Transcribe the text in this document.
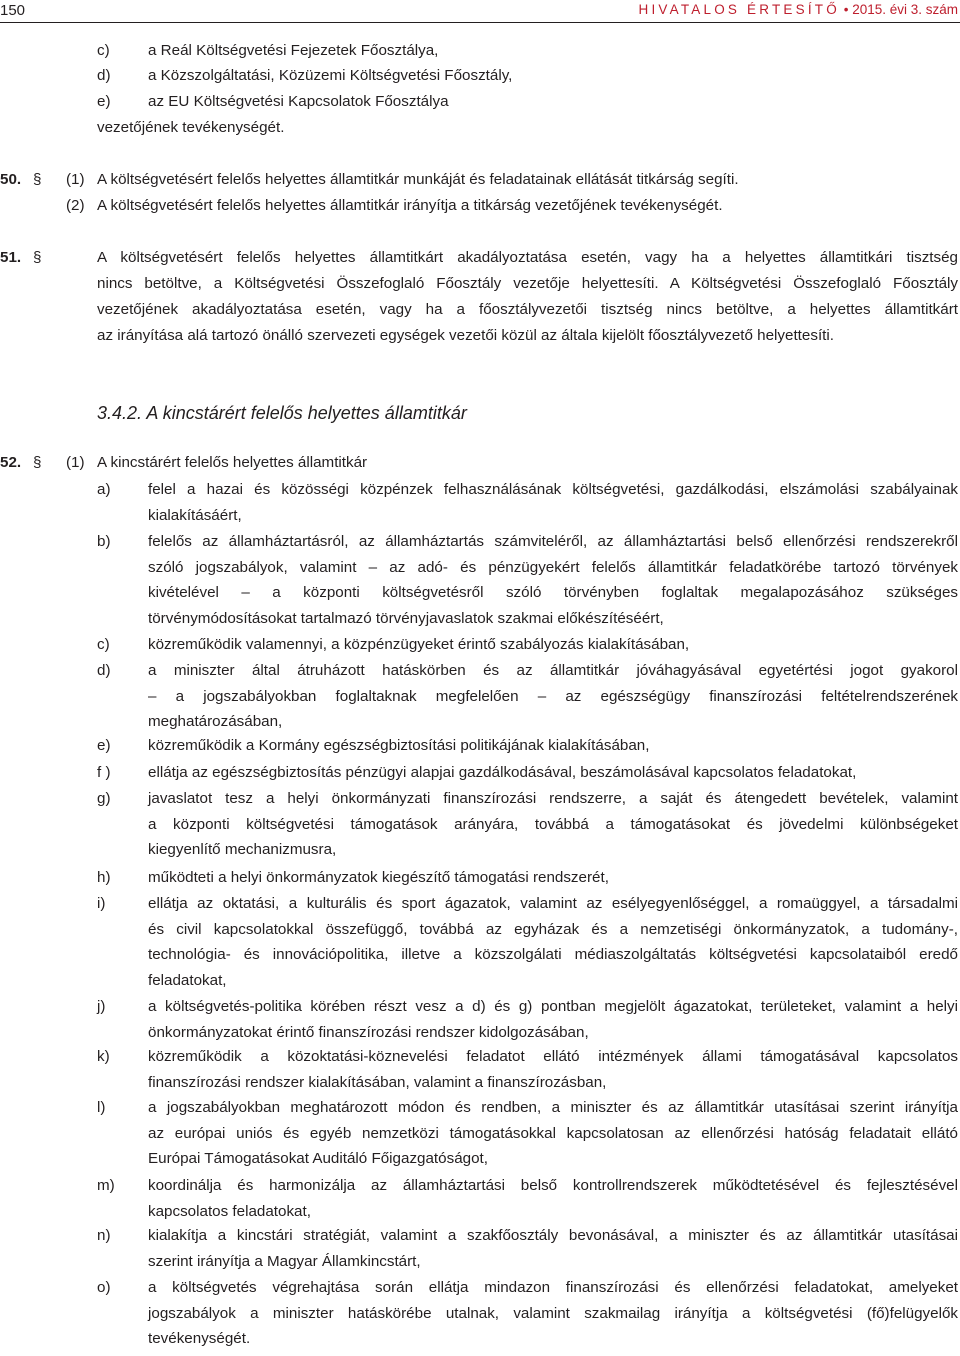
150	HIVATALOS ÉRTESÍTŐ • 2015. évi 3. szám
c)	a Reál Költségvetési Fejezetek Főosztálya,
d) a Közszolgáltatási, Közüzemi Költségvetési Főosztály,
e) az EU Költségvetési Kapcsolatok Főosztálya
vezetőjének tevékenységét.
50. § (1) A költségvetésért felelős helyettes államtitkár munkáját és feladatainak ellátását titkárság segíti.
(2) A költségvetésért felelős helyettes államtitkár irányítja a titkárság vezetőjének tevékenységét.
51. §	A költségvetésért felelős helyettes államtitkárt akadályoztatása esetén, vagy ha a helyettes államtitkári tisztség
nincs betöltve, a Költségvetési Összefoglaló Főosztály vezetője helyettesíti. A Költségvetési Összefoglaló Főosztály
vezetőjének akadályoztatása esetén, vagy ha a főosztályvezetői tisztség nincs betöltve, a helyettes államtitkárt
az irányítása alá tartozó önálló szervezeti egységek vezetői közül az általa kijelölt főosztályvezető helyettesíti.
3.4.2. A kincstárért felelős helyettes államtitkár
52. § (1) A kincstárért felelős helyettes államtitkár
a) felel a hazai és közösségi közpénzek felhasználásának költségvetési, gazdálkodási, elszámolási szabályainak
kialakításáért,
b) felelős az államháztartásról, az államháztartás számviteléről, az államháztartási belső ellenőrzési rendszerekről
szóló jogszabályok, valamint – az adó- és pénzügyekért felelős államtitkár feladatkörébe tartozó törvények
kivételével – a központi költségvetésről szóló törvényben foglaltak megalapozásához szükséges
törvénymódosításokat tartalmazó törvényjavaslatok szakmai előkészítéséért,
c)	közreműködik valamennyi, a közpénzügyeket érintő szabályozás kialakításában,
d) a miniszter által átruházott hatáskörben és az államtitkár jóváhagyásával egyetértési jogot gyakorol
– a jogszabályokban foglaltaknak megfelelően – az egészségügy finanszírozási feltételrendszerének
meghatározásában,
e) közreműködik a Kormány egészségbiztosítási politikájának kialakításában,
f ) ellátja az egészségbiztosítás pénzügyi alapjai gazdálkodásával, beszámolásával kapcsolatos feladatokat,
g) javaslatot tesz a helyi önkormányzati finanszírozási rendszerre, a saját és átengedett bevételek, valamint
a központi költségvetési támogatások arányára, továbbá a támogatásokat és jövedelmi különbségeket
kiegyenlítő mechanizmusra,
h) működteti a helyi önkormányzatok kiegészítő támogatási rendszerét,
i)	ellátja az oktatási, a kulturális és sport ágazatok, valamint az esélyegyenlőséggel, a romaüggyel, a társadalmi
és civil kapcsolatokkal összefüggő, továbbá az egyházak és a nemzetiségi önkormányzatok, a tudomány-,
technológia- és innovációpolitika, illetve a közszolgálati médiaszolgáltatás költségvetési kapcsolataiból eredő
feladatokat,
j)	a költségvetés-politika körében részt vesz a d) és g) pontban megjelölt ágazatokat, területeket, valamint a helyi
önkormányzatokat érintő finanszírozási rendszer kidolgozásában,
k)	közreműködik a közoktatási-köznevelési feladatot ellátó intézmények állami támogatásával kapcsolatos
finanszírozási rendszer kialakításában, valamint a finanszírozásban,
l)	a jogszabályokban meghatározott módon és rendben, a miniszter és az államtitkár utasításai szerint irányítja
az európai uniós és egyéb nemzetközi támogatásokkal kapcsolatosan az ellenőrzési hatóság feladatait ellátó
Európai Támogatásokat Auditáló Főigazgatóságot,
m) koordinálja és harmonizálja az államháztartási belső kontrollrendszerek működtetésével és fejlesztésével
kapcsolatos feladatokat,
n) kialakítja a kincstári stratégiát, valamint a szakfőosztály bevonásával, a miniszter és az államtitkár utasításai
szerint irányítja a Magyar Államkincstárt,
o) a költségvetés végrehajtása során ellátja mindazon finanszírozási és ellenőrzési feladatokat, amelyeket
jogszabályok a miniszter hatáskörébe utalnak, valamint szakmailag irányítja a költségvetési (fő)felügyelők
tevékenységét.
